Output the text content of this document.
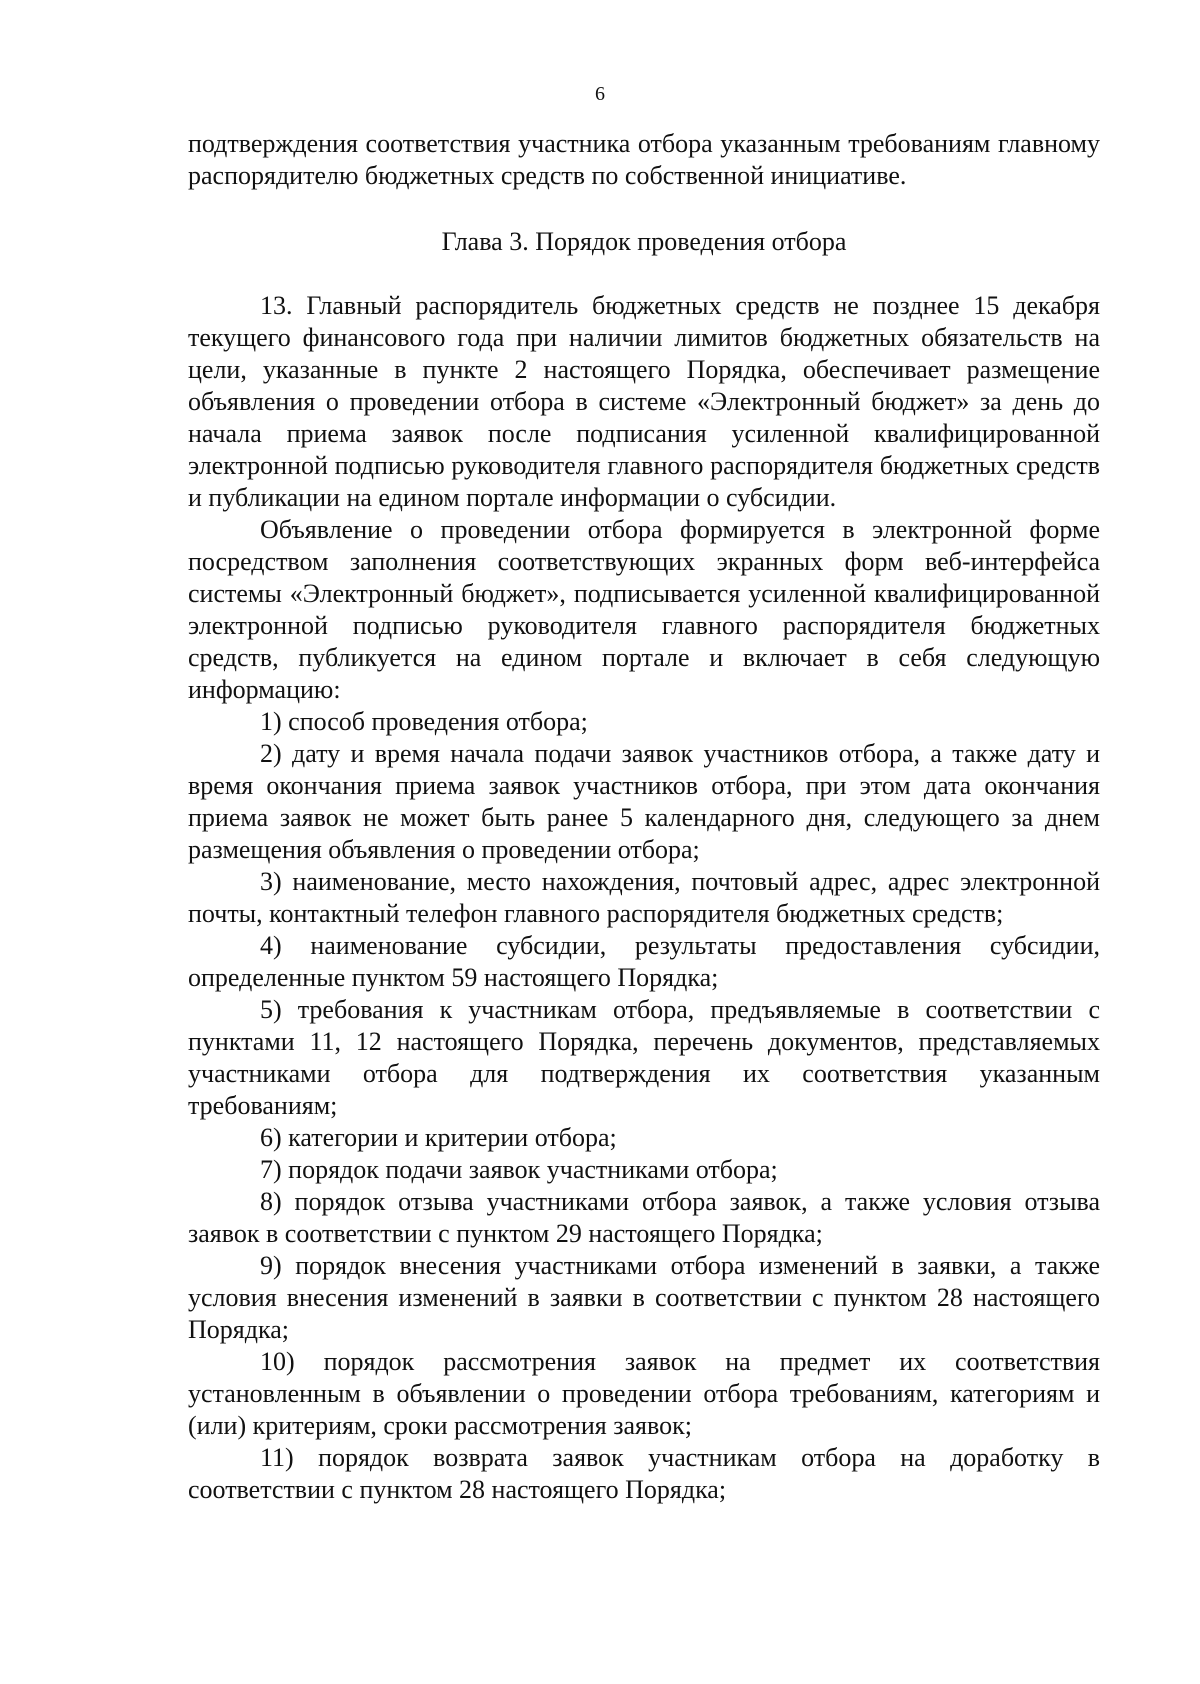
6

подтверждения соответствия участника отбора указанным требованиям главному распорядителю бюджетных средств по собственной инициативе.

Глава 3. Порядок проведения отбора

13. Главный распорядитель бюджетных средств не позднее 15 декабря текущего финансового года при наличии лимитов бюджетных обязательств на цели, указанные в пункте 2 настоящего Порядка, обеспечивает размещение объявления о проведении отбора в системе «Электронный бюджет» за день до начала приема заявок после подписания усиленной квалифицированной электронной подписью руководителя главного распорядителя бюджетных средств и публикации на едином портале информации о субсидии.

Объявление о проведении отбора формируется в электронной форме посредством заполнения соответствующих экранных форм веб-интерфейса системы «Электронный бюджет», подписывается усиленной квалифицированной электронной подписью руководителя главного распорядителя бюджетных средств, публикуется на едином портале и включает в себя следующую информацию:

1) способ проведения отбора;

2) дату и время начала подачи заявок участников отбора, а также дату и время окончания приема заявок участников отбора, при этом дата окончания приема заявок не может быть ранее 5 календарного дня, следующего за днем размещения объявления о проведении отбора;

3) наименование, место нахождения, почтовый адрес, адрес электронной почты, контактный телефон главного распорядителя бюджетных средств;

4) наименование субсидии, результаты предоставления субсидии, определенные пунктом 59 настоящего Порядка;

5) требования к участникам отбора, предъявляемые в соответствии с пунктами 11, 12 настоящего Порядка, перечень документов, представляемых участниками отбора для подтверждения их соответствия указанным требованиям;

6) категории и критерии отбора;

7) порядок подачи заявок участниками отбора;

8) порядок отзыва участниками отбора заявок, а также условия отзыва заявок в соответствии с пунктом 29 настоящего Порядка;

9) порядок внесения участниками отбора изменений в заявки, а также условия внесения изменений в заявки в соответствии с пунктом 28 настоящего Порядка;

10) порядок рассмотрения заявок на предмет их соответствия установленным в объявлении о проведении отбора требованиям, категориям и (или) критериям, сроки рассмотрения заявок;

11) порядок возврата заявок участникам отбора на доработку в соответствии с пунктом 28 настоящего Порядка;
